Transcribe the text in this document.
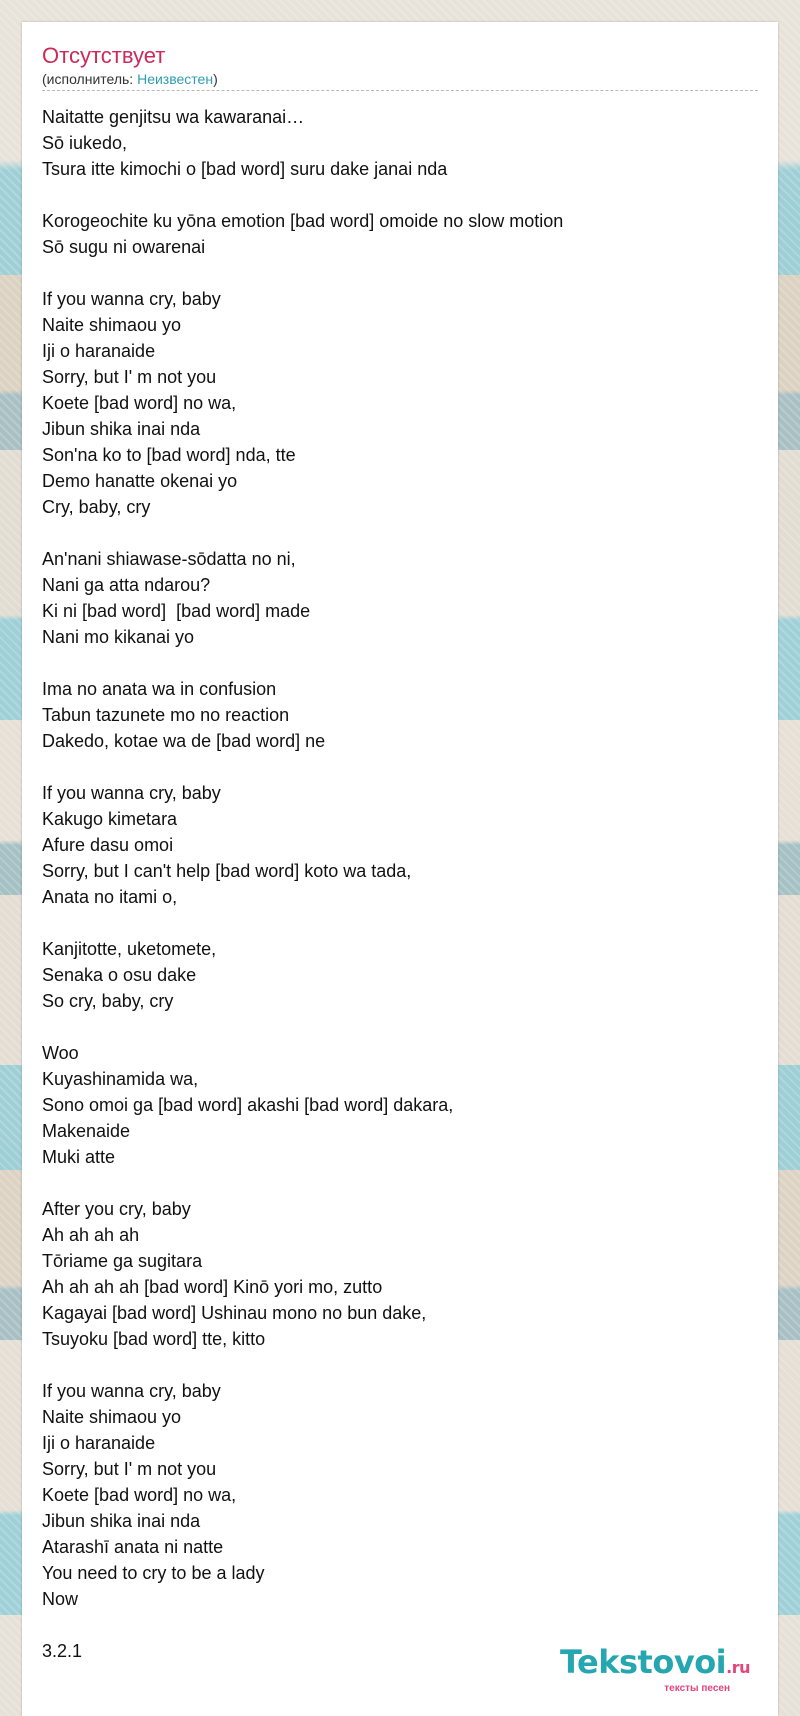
Отсутствует
(исполнитель: Неизвестен)
Naitatte genjitsu wa kawaranai…
Sō iukedo,
Tsura itte kimochi o [bad word] suru dake janai nda

Korogeochite ku yōna emotion [bad word] omoide no slow motion
Sō sugu ni owarenai

If you wanna cry, baby
Naite shimaou yo
Iji o haranaide
Sorry, but I' m not you
Koete [bad word] no wa,
Jibun shika inai nda
Son'na ko to [bad word] nda, tte
Demo hanatte okenai yo
Cry, baby, cry

An'nani shiawase-sōdatta no ni,
Nani ga atta ndarou?
Ki ni [bad word]  [bad word] made
Nani mo kikanai yo

Ima no anata wa in confusion
Tabun tazunete mo no reaction
Dakedo, kotae wa de [bad word] ne

If you wanna cry, baby
Kakugo kimetara
Afure dasu omoi
Sorry, but I can't help [bad word] koto wa tada,
Anata no itami o,

Kanjitotte, uketomete,
Senaka o osu dake
So cry, baby, cry

Woo
Kuyashinamida wa,
Sono omoi ga [bad word] akashi [bad word] dakara,
Makenaide
Muki atte

After you cry, baby
Ah ah ah ah
Tōriame ga sugitara
Ah ah ah ah [bad word] Kinō yori mo, zutto
Kagayai [bad word] Ushinau mono no bun dake,
Tsuyoku [bad word] tte, kitto

If you wanna cry, baby
Naite shimaou yo
Iji o haranaide
Sorry, but I' m not you
Koete [bad word] no wa,
Jibun shika inai nda
Atarashī anata ni natte
You need to cry to be a lady
Now

3.2.1	Tekstovoi.ru
тексты песен
